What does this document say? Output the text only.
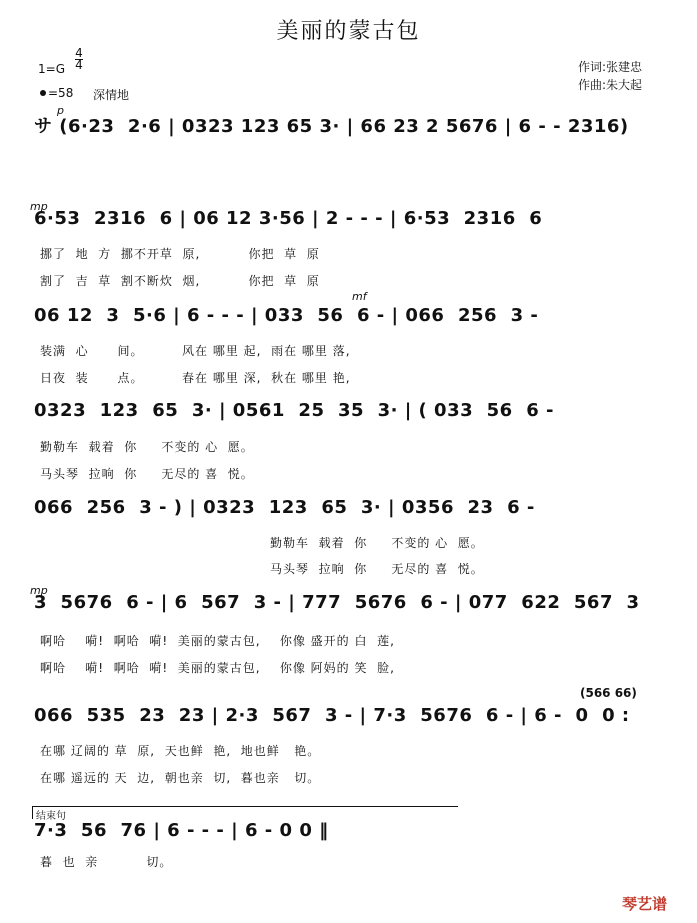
美丽的蒙古包
1=G
4
4
=58 深情地
作词:张建忠
作曲:朱大起
サ (6·23  2·6 | 0323 123 65 3· | 66 23 2 5676 | 6 - - 2316)
p
6·53  2316  6 | 06 12 3·56 | 2 - - - | 6·53  2316  6
mp
挪了  地  方  挪不开草  原,          你把  草  原
割了  吉  草  割不断炊  烟,          你把  草  原
06 12  3  5·6 | 6 - - - | 033  56  6 - | 066  256  3 -
mf
装满  心      间。        风在 哪里 起,  雨在 哪里 落,
日夜  装      点。        春在 哪里 深,  秋在 哪里 艳,
0323  123  65  3· | 0561  25  35  3· | ( 033  56  6 -
勤勒车  载着  你     不变的 心  愿。
马头琴  拉响  你     无尽的 喜  悦。
066  256  3 - ) | 0323  123  65  3· | 0356  23  6 -
勤勒车  载着  你     不变的 心  愿。
马头琴  拉响  你     无尽的 喜  悦。
3  5676  6 - | 6  567  3 - | 777  5676  6 - | 077  622  567  3
mp
啊哈    嗬!  啊哈  嗬!  美丽的蒙古包,    你像 盛开的 白  莲,
啊哈    嗬!  啊哈  嗬!  美丽的蒙古包,    你像 阿妈的 笑  脸,
066  535  23  23 | 2·3  567  3 - | 7·3  5676  6 - | 6 -  0  0 :
(566 66)
在哪 辽阔的 草  原,  天也鲜  艳,  地也鲜   艳。
在哪 遥远的 天  边,  朝也亲  切,  暮也亲   切。
结束句
7·3  56  76 | 6 - - - | 6 - 0 0 ‖
暮  也  亲          切。
琴艺谱
